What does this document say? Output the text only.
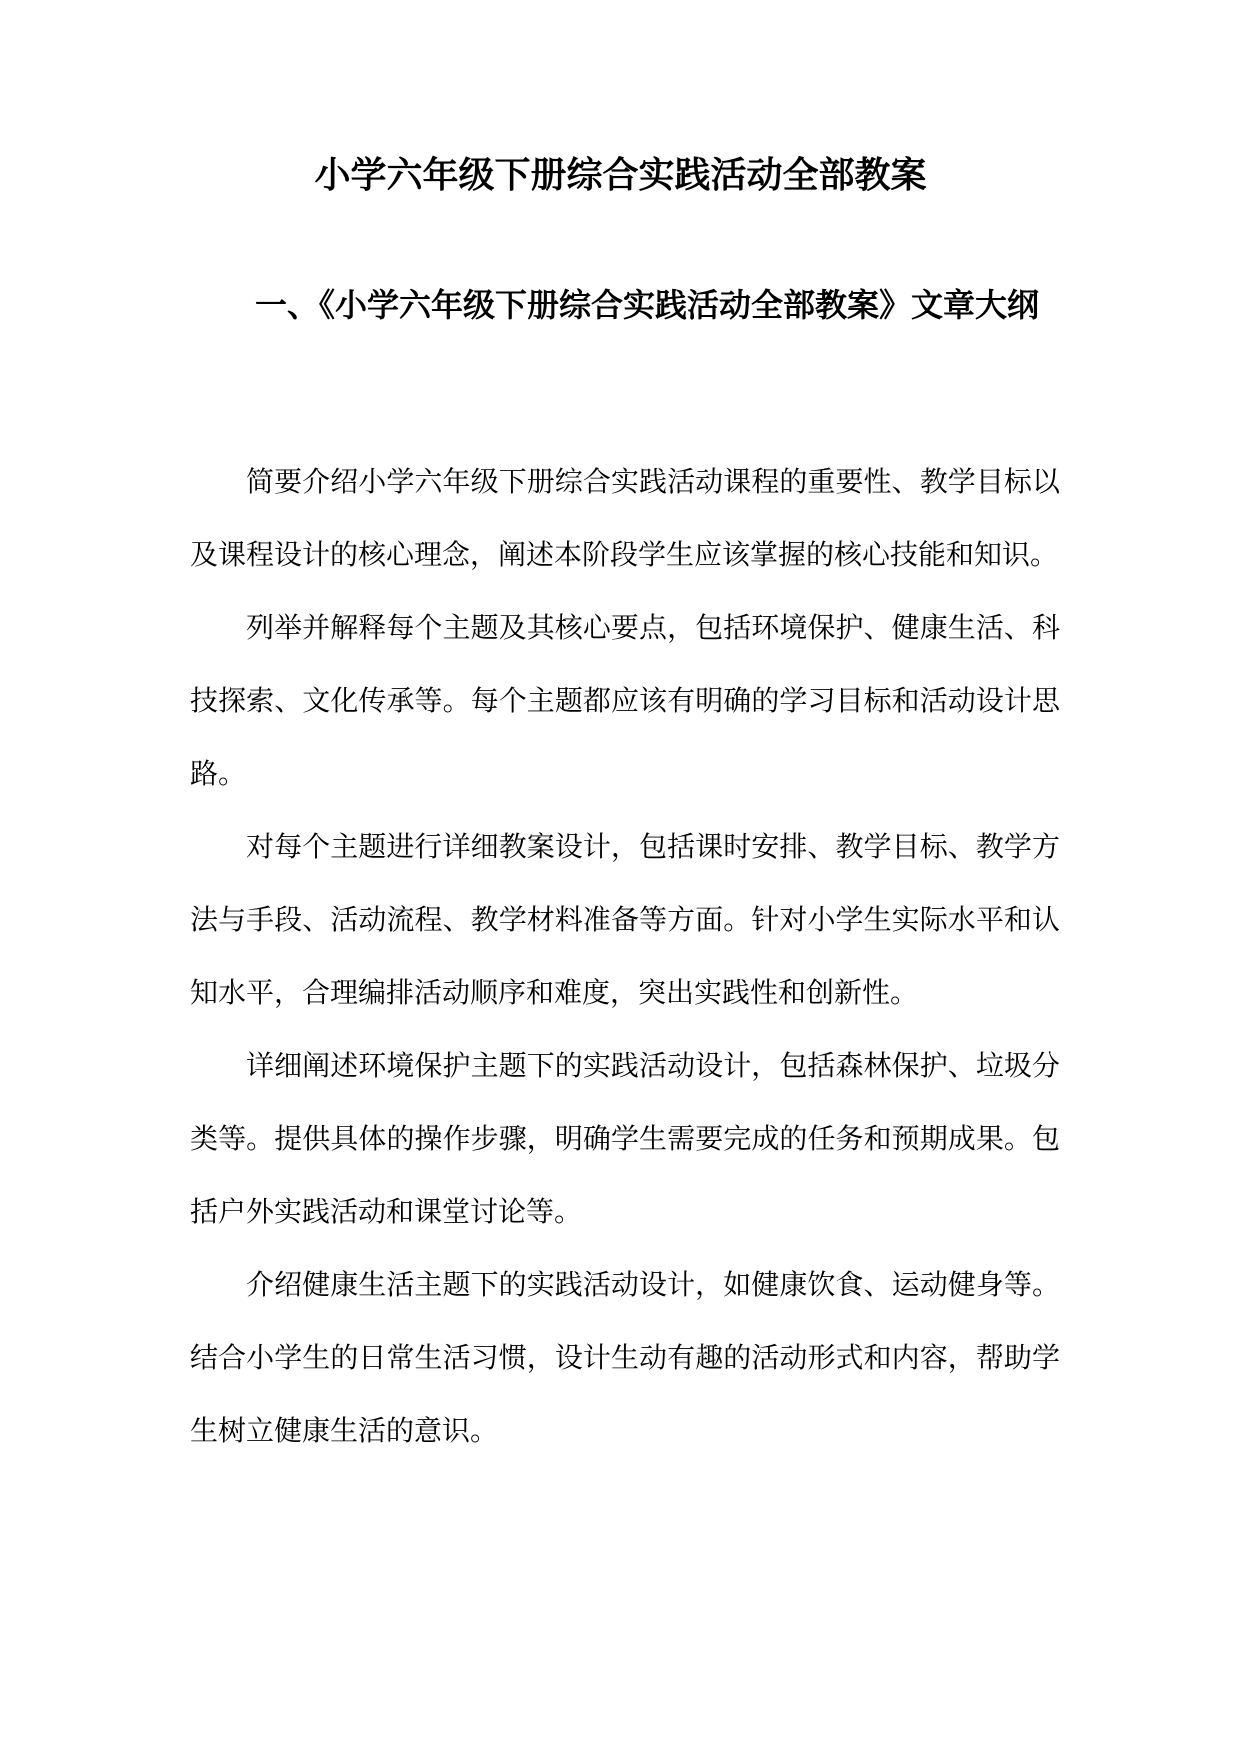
小学六年级下册综合实践活动全部教案
一、《小学六年级下册综合实践活动全部教案》文章大纲

简要介绍小学六年级下册综合实践活动课程的重要性、教学目标以及课程设计的核心理念，阐述本阶段学生应该掌握的核心技能和知识。

列举并解释每个主题及其核心要点，包括环境保护、健康生活、科技探索、文化传承等。每个主题都应该有明确的学习目标和活动设计思路。

对每个主题进行详细教案设计，包括课时安排、教学目标、教学方法与手段、活动流程、教学材料准备等方面。针对小学生实际水平和认知水平，合理编排活动顺序和难度，突出实践性和创新性。

详细阐述环境保护主题下的实践活动设计，包括森林保护、垃圾分类等。提供具体的操作步骤，明确学生需要完成的任务和预期成果。包括户外实践活动和课堂讨论等。

介绍健康生活主题下的实践活动设计，如健康饮食、运动健身等。结合小学生的日常生活习惯，设计生动有趣的活动形式和内容，帮助学生树立健康生活的意识。
